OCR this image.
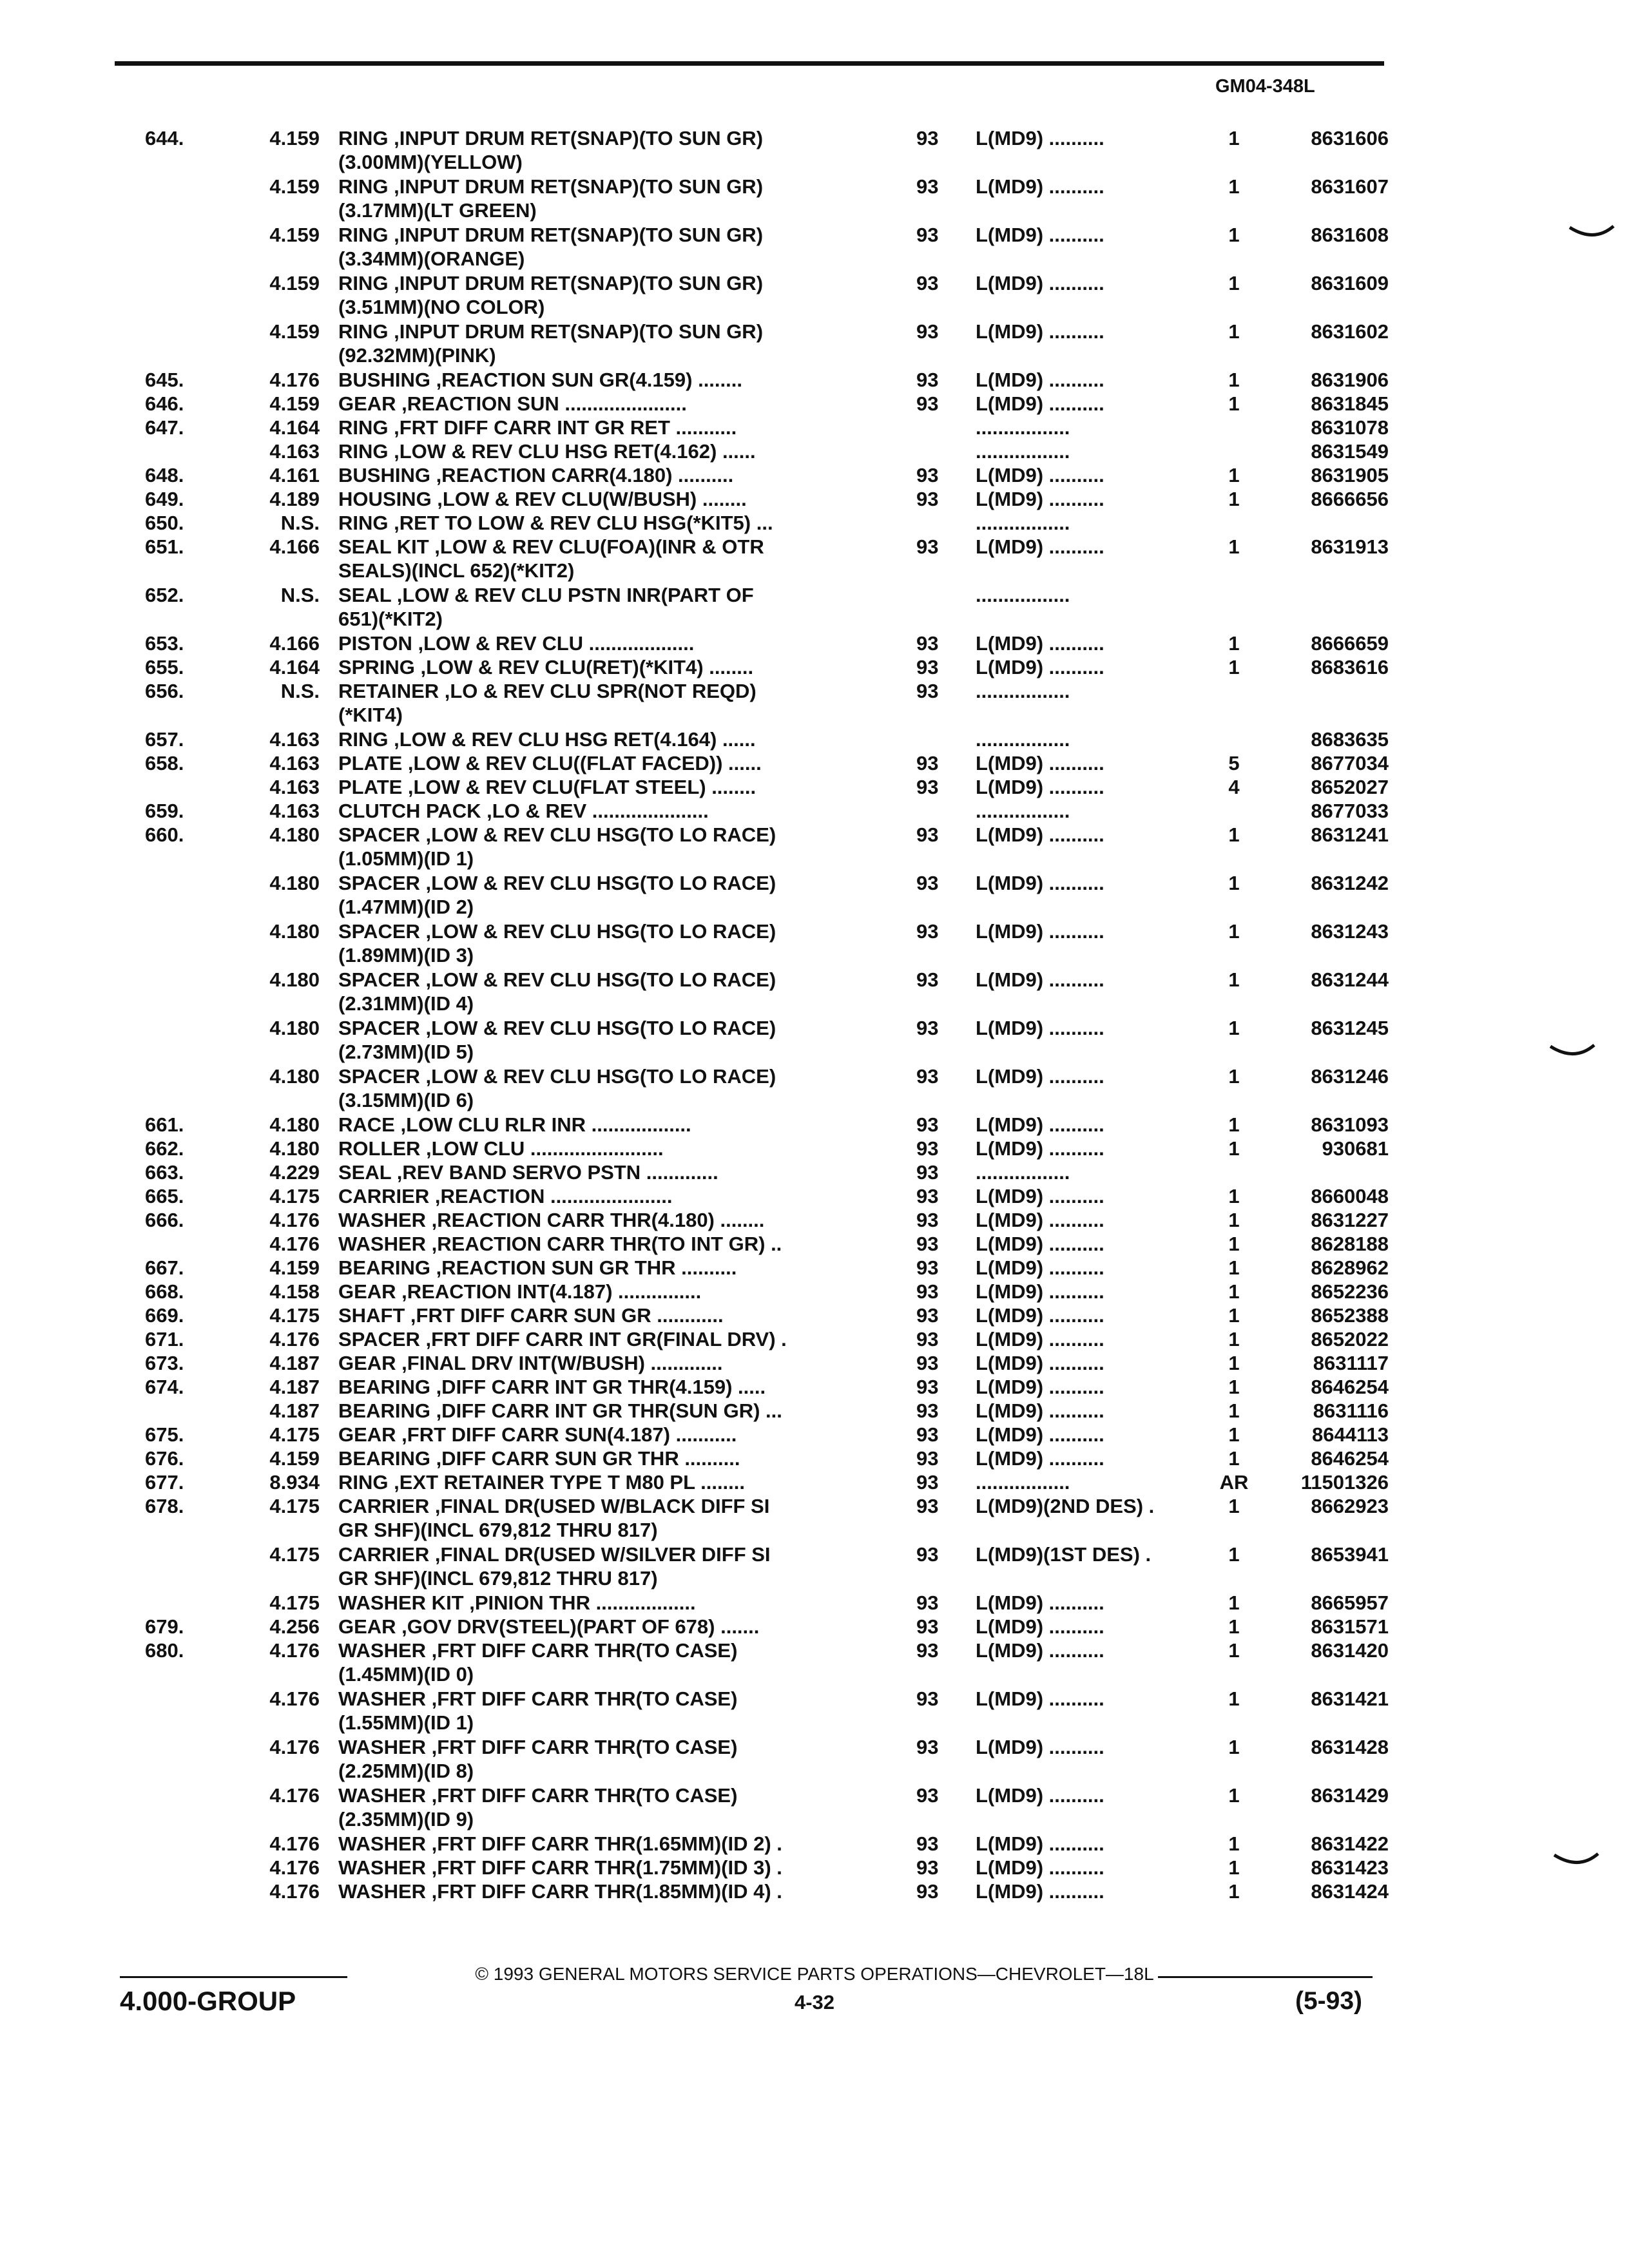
GM04-348L
644.	4.159 RING ,INPUT DRUM RET(SNAP)(TO SUN GR)
(3.00MM)(YELLOW)
93	L(MD9) ..........	1	8631606
4.159 RING ,INPUT DRUM RET(SNAP)(TO SUN GR)
(3.17MM)(LT GREEN)
93	L(MD9) ..........	1	8631607
4.159 RING ,INPUT DRUM RET(SNAP)(TO SUN GR)
(3.34MM)(ORANGE)
93	L(MD9) ..........	1	8631608
4.159 RING ,INPUT DRUM RET(SNAP)(TO SUN GR)
(3.51MM)(NO COLOR)
93	L(MD9) ..........	1	8631609
4.159 RING ,INPUT DRUM RET(SNAP)(TO SUN GR)
(92.32MM)(PINK)
93	L(MD9) ..........	1	8631602
645.	4.176 BUSHING ,REACTION SUN GR(4.159) ........	93	L(MD9) ..........	1	8631906
646.	4.159 GEAR ,REACTION SUN ......................	93	L(MD9) ..........	1	8631845
647.	4.164 RING ,FRT DIFF CARR INT GR RET ...........	.................	8631078
4.163 RING ,LOW & REV CLU HSG RET(4.162) ......	.................	8631549
648.	4.161 BUSHING ,REACTION CARR(4.180) ..........	93	L(MD9) ..........	1	8631905
649.	4.189 HOUSING ,LOW & REV CLU(W/BUSH) ........	93	L(MD9) ..........	1	8666656
650.	N.S. RING ,RET TO LOW & REV CLU HSG(*KIT5) ...	.................
651.	4.166 SEAL KIT ,LOW & REV CLU(FOA)(INR & OTR
SEALS)(INCL 652)(*KIT2)
93	L(MD9) ..........	1	8631913
652.	N.S. SEAL ,LOW & REV CLU PSTN INR(PART OF
651)(*KIT2)
.................
653.	4.166 PISTON ,LOW & REV CLU ...................	93	L(MD9) ..........	1	8666659
655.	4.164 SPRING ,LOW & REV CLU(RET)(*KIT4) ........	93	L(MD9) ..........	1	8683616
656.	N.S. RETAINER ,LO & REV CLU SPR(NOT REQD)
(*KIT4)
93	.................
657.	4.163 RING ,LOW & REV CLU HSG RET(4.164) ......	.................	8683635
658.	4.163 PLATE ,LOW & REV CLU((FLAT FACED)) ......	93	L(MD9) ..........	5	8677034
4.163 PLATE ,LOW & REV CLU(FLAT STEEL) ........	93	L(MD9) ..........	4	8652027
659.	4.163 CLUTCH PACK ,LO & REV .....................	.................	8677033
660.	4.180 SPACER ,LOW & REV CLU HSG(TO LO RACE)
(1.05MM)(ID 1)
93	L(MD9) ..........	1	8631241
4.180 SPACER ,LOW & REV CLU HSG(TO LO RACE)
(1.47MM)(ID 2)
93	L(MD9) ..........	1	8631242
4.180 SPACER ,LOW & REV CLU HSG(TO LO RACE)
(1.89MM)(ID 3)
93	L(MD9) ..........	1	8631243
4.180 SPACER ,LOW & REV CLU HSG(TO LO RACE)
(2.31MM)(ID 4)
93	L(MD9) ..........	1	8631244
4.180 SPACER ,LOW & REV CLU HSG(TO LO RACE)
(2.73MM)(ID 5)
93	L(MD9) ..........	1	8631245
4.180 SPACER ,LOW & REV CLU HSG(TO LO RACE)
(3.15MM)(ID 6)
93	L(MD9) ..........	1	8631246
661.	4.180 RACE ,LOW CLU RLR INR ..................	93	L(MD9) ..........	1	8631093
662.	4.180 ROLLER ,LOW CLU ........................	93	L(MD9) ..........	1	930681
663.	4.229 SEAL ,REV BAND SERVO PSTN .............	93	.................
665.	4.175 CARRIER ,REACTION ......................	93	L(MD9) ..........	1	8660048
666.	4.176 WASHER ,REACTION CARR THR(4.180) ........	93	L(MD9) ..........	1	8631227
4.176 WASHER ,REACTION CARR THR(TO INT GR) ..	93	L(MD9) ..........	1	8628188
667.	4.159 BEARING ,REACTION SUN GR THR ..........	93	L(MD9) ..........	1	8628962
668.	4.158 GEAR ,REACTION INT(4.187) ...............	93	L(MD9) ..........	1	8652236
669.	4.175 SHAFT ,FRT DIFF CARR SUN GR ............	93	L(MD9) ..........	1	8652388
671.	4.176 SPACER ,FRT DIFF CARR INT GR(FINAL DRV) .	93	L(MD9) ..........	1	8652022
673.	4.187 GEAR ,FINAL DRV INT(W/BUSH) .............	93	L(MD9) ..........	1	8631117
674.	4.187 BEARING ,DIFF CARR INT GR THR(4.159) .....	93	L(MD9) ..........	1	8646254
4.187 BEARING ,DIFF CARR INT GR THR(SUN GR) ...	93	L(MD9) ..........	1	8631116
675.	4.175 GEAR ,FRT DIFF CARR SUN(4.187) ...........	93	L(MD9) ..........	1	8644113
676.	4.159 BEARING ,DIFF CARR SUN GR THR ..........	93	L(MD9) ..........	1	8646254
677.	8.934 RING ,EXT RETAINER TYPE T M80 PL ........	93	.................	AR	11501326
678.	4.175 CARRIER ,FINAL DR(USED W/BLACK DIFF SI
GR SHF)(INCL 679,812 THRU 817)
93	L(MD9)(2ND DES) .	1	8662923
4.175 CARRIER ,FINAL DR(USED W/SILVER DIFF SI
GR SHF)(INCL 679,812 THRU 817)
93	L(MD9)(1ST DES) .	1	8653941
4.175 WASHER KIT ,PINION THR ..................	93	L(MD9) ..........	1	8665957
679.	4.256 GEAR ,GOV DRV(STEEL)(PART OF 678) .......	93	L(MD9) ..........	1	8631571
680.	4.176 WASHER ,FRT DIFF CARR THR(TO CASE)
(1.45MM)(ID 0)
93	L(MD9) ..........	1	8631420
4.176 WASHER ,FRT DIFF CARR THR(TO CASE)
(1.55MM)(ID 1)
93	L(MD9) ..........	1	8631421
4.176 WASHER ,FRT DIFF CARR THR(TO CASE)
(2.25MM)(ID 8)
93	L(MD9) ..........	1	8631428
4.176 WASHER ,FRT DIFF CARR THR(TO CASE)
(2.35MM)(ID 9)
93	L(MD9) ..........	1	8631429
4.176 WASHER ,FRT DIFF CARR THR(1.65MM)(ID 2) .	93	L(MD9) ..........	1	8631422
4.176 WASHER ,FRT DIFF CARR THR(1.75MM)(ID 3) .	93	L(MD9) ..........	1	8631423
4.176 WASHER ,FRT DIFF CARR THR(1.85MM)(ID 4) .	93	L(MD9) ..........	1	8631424
© 1993 GENERAL MOTORS SERVICE PARTS OPERATIONS—CHEVROLET—18L
4.000-GROUP	4-32	(5-93)
